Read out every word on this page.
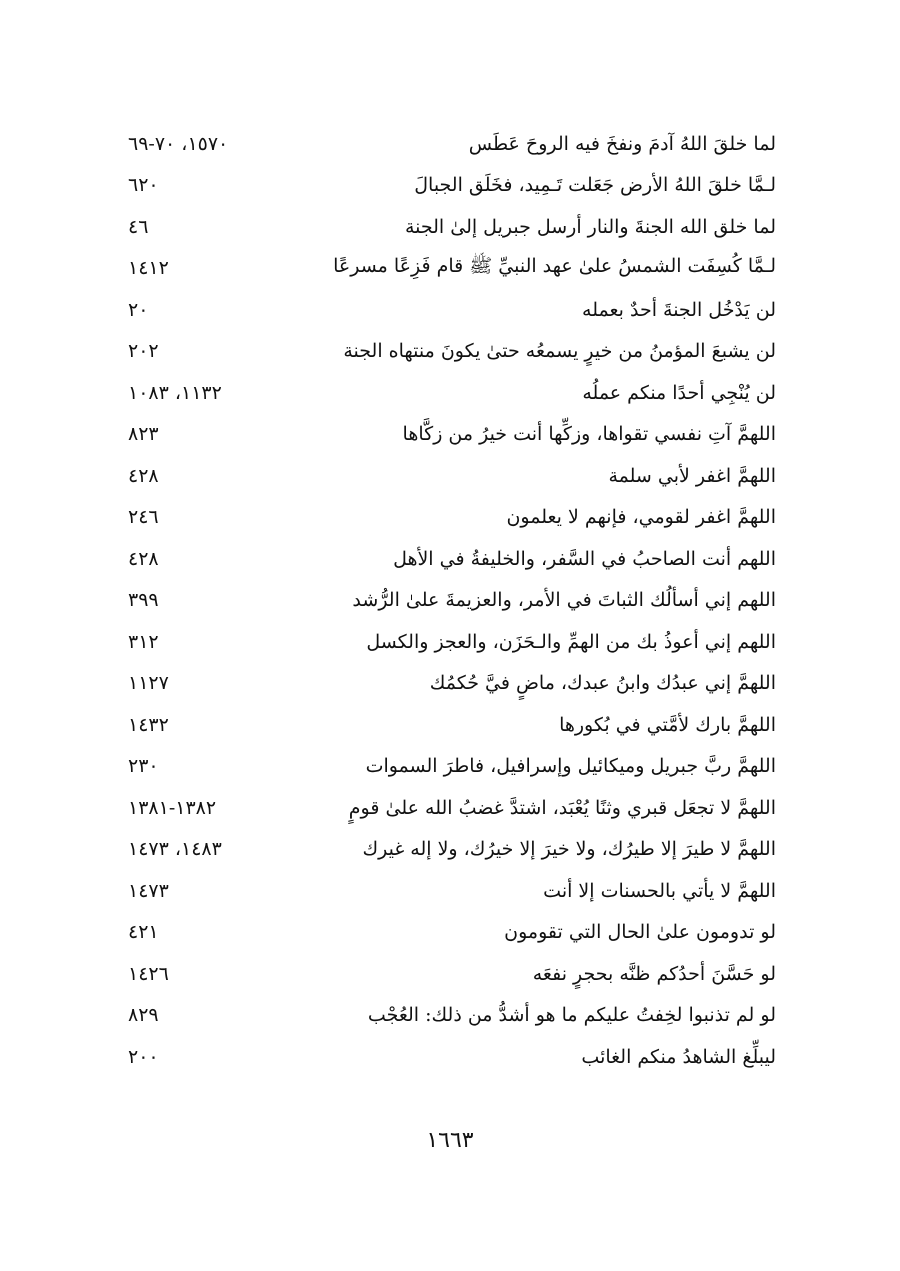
لما خلقَ اللهُ آدمَ ونفخَ فيه الروحَ عَطَس
١٥٧٠، ٧٠-٦٩
لـمَّا خلقَ اللهُ الأرض جَعَلت تَـمِيد، فخَلَق الجبالَ
٦٢٠
لما خلق الله الجنةَ والنار أرسل جبريل إلىٰ الجنة
٤٦
لـمَّا كُسِفَت الشمسُ علىٰ عهد النبيِّ ﷺ قام فَزِعًا مسرعًا
١٤١٢
لن يَدْخُل الجنةَ أحدٌ بعمله
٢٠
لن يشبعَ المؤمنُ من خيرٍ يسمعُه حتىٰ يكونَ منتهاه الجنة
٢٠٢
لن يُنْجِي أحدًا منكم عملُه
١١٣٢، ١٠٨٣
اللهمَّ آتِ نفسي تقواها، وزكِّها أنت خيرُ من زكَّاها
٨٢٣
اللهمَّ اغفر لأبي سلمة
٤٢٨
اللهمَّ اغفر لقومي، فإنهم لا يعلمون
٢٤٦
اللهم أنت الصاحبُ في السَّفر، والخليفةُ في الأهل
٤٢٨
اللهم إني أسألُك الثباتَ في الأمر، والعزيمةَ علىٰ الرُّشد
٣٩٩
اللهم إني أعوذُ بك من الهمِّ والـحَزَن، والعجز والكسل
٣١٢
اللهمَّ إني عبدُك وابنُ عبدك، ماضٍ فيَّ حُكمُك
١١٢٧
اللهمَّ بارك لأمَّتي في بُكورها
١٤٣٢
اللهمَّ ربَّ جبريل وميكائيل وإسرافيل، فاطرَ السموات
٢٣٠
اللهمَّ لا تجعَل قبري وثنًا يُعْبَد، اشتدَّ غضبُ الله علىٰ قومٍ
١٣٨٢-١٣٨١
اللهمَّ لا طيرَ إلا طيرُك، ولا خيرَ إلا خيرُك، ولا إله غيرك
١٤٨٣، ١٤٧٣
اللهمَّ لا يأتي بالحسنات إلا أنت
١٤٧٣
لو تدومون علىٰ الحال التي تقومون
٤٢١
لو حَسَّنَ أحدُكم ظنَّه بحجرٍ نفعَه
١٤٢٦
لو لم تذنبوا لخِفتُ عليكم ما هو أشدُّ من ذلك: العُجْب
٨٢٩
ليبلِّغ الشاهدُ منكم الغائب
٢٠٠
١٦٦٣
